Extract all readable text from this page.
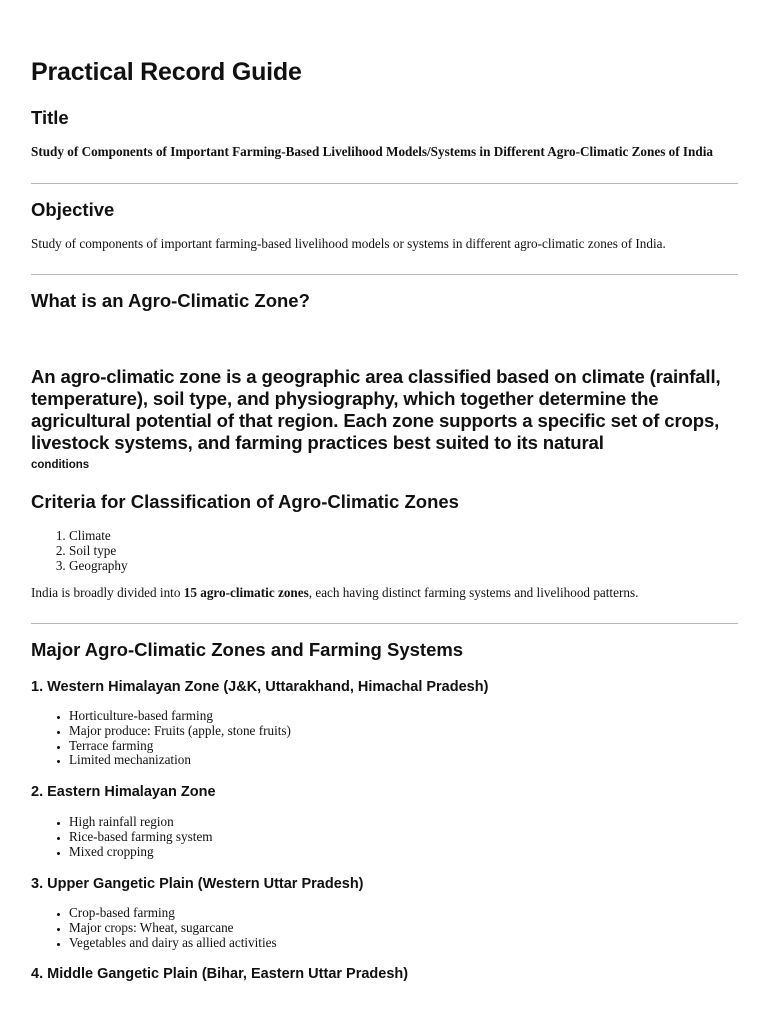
Practical Record Guide
Title

Study of Components of Important Farming-Based Livelihood Models/Systems in Different Agro-Climatic Zones of India

Objective

Study of components of important farming-based livelihood models or systems in different agro-climatic zones of India.

What is an Agro-Climatic Zone?

An agro-climatic zone is a geographic area classified based on climate (rainfall, temperature), soil type, and physiography, which together determine the agricultural potential of that region. Each zone supports a specific set of crops, livestock systems, and farming practices best suited to its natural

conditions
Criteria for Classification of Agro-Climatic Zones
1. Climate
2. Soil type
3. Geography

India is broadly divided into 15 agro-climatic zones, each having distinct farming systems and livelihood patterns.

Major Agro-Climatic Zones and Farming Systems
1. Western Himalayan Zone (J&K, Uttarakhand, Himachal Pradesh)
• Horticulture-based farming
• Major produce: Fruits (apple, stone fruits)
• Terrace farming
• Limited mechanization
2. Eastern Himalayan Zone
• High rainfall region
• Rice-based farming system
• Mixed cropping
3. Upper Gangetic Plain (Western Uttar Pradesh)
• Crop-based farming
• Major crops: Wheat, sugarcane
• Vegetables and dairy as allied activities
4. Middle Gangetic Plain (Bihar, Eastern Uttar Pradesh)
